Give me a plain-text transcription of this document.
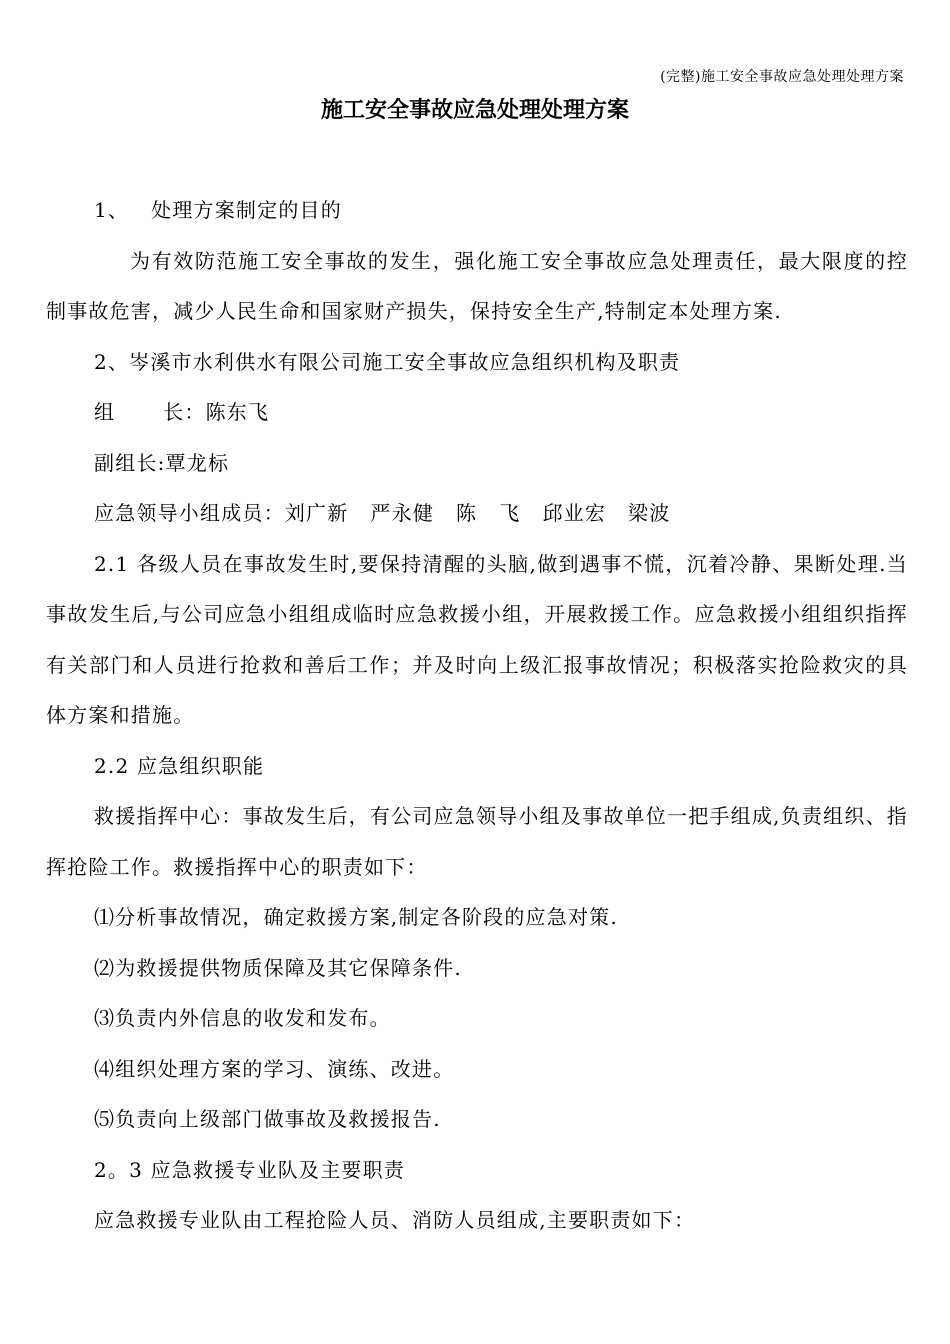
(完整)施工安全事故应急处理处理方案
施工安全事故应急处理处理方案

1、 处理方案制定的目的

为有效防范施工安全事故的发生，强化施工安全事故应急处理责任，最大限度的控制事故危害，减少人民生命和国家财产损失，保持安全生产,特制定本处理方案.

2、岑溪市水利供水有限公司施工安全事故应急组织机构及职责

组 长：陈东飞

副组长:覃龙标

应急领导小组成员：刘广新 严永健 陈 飞 邱业宏 梁波

2.1 各级人员在事故发生时,要保持清醒的头脑,做到遇事不慌，沉着冷静、果断处理.当事故发生后,与公司应急小组组成临时应急救援小组，开展救援工作。应急救援小组组织指挥有关部门和人员进行抢救和善后工作；并及时向上级汇报事故情况；积极落实抢险救灾的具体方案和措施。

2.2 应急组织职能

救援指挥中心：事故发生后，有公司应急领导小组及事故单位一把手组成,负责组织、指挥抢险工作。救援指挥中心的职责如下：

⑴分析事故情况，确定救援方案,制定各阶段的应急对策.

⑵为救援提供物质保障及其它保障条件.

⑶负责内外信息的收发和发布。

⑷组织处理方案的学习、演练、改进。

⑸负责向上级部门做事故及救援报告.

2。3 应急救援专业队及主要职责

应急救援专业队由工程抢险人员、消防人员组成,主要职责如下：
